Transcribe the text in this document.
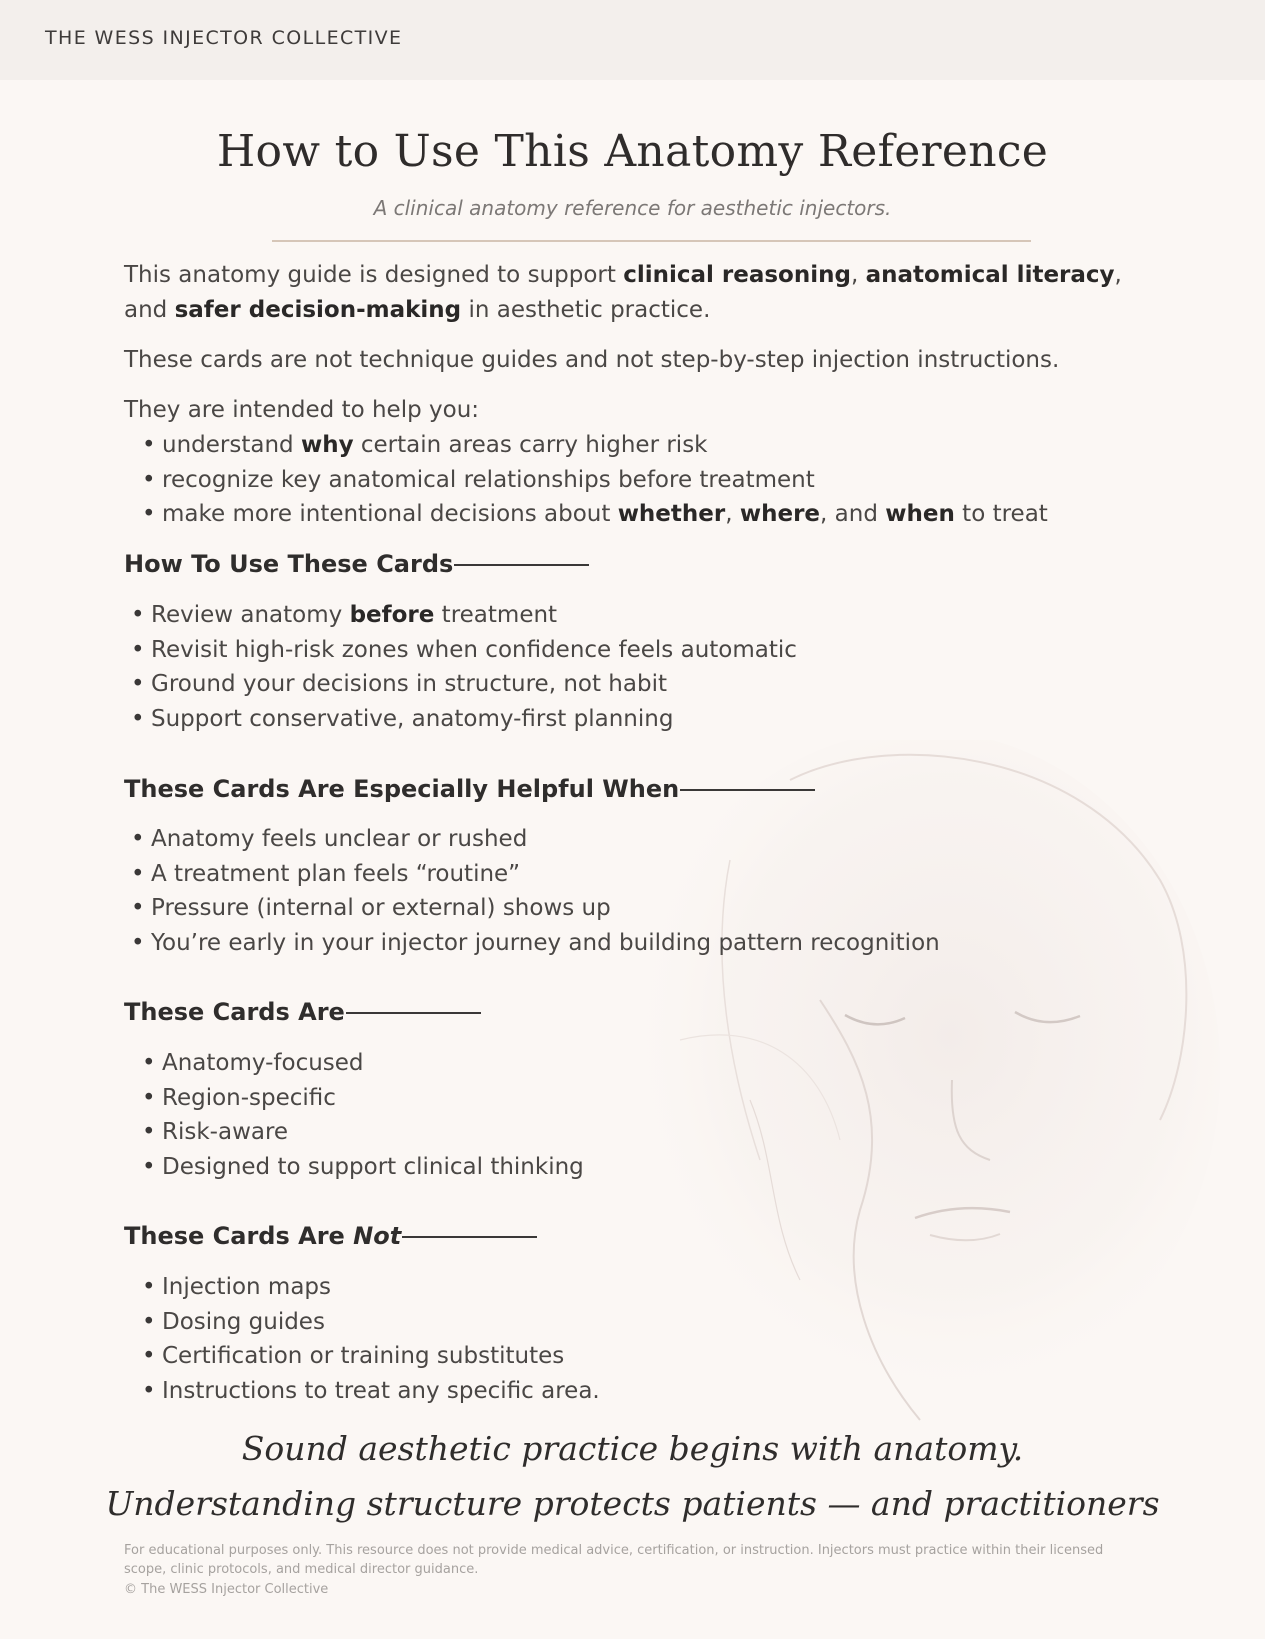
THE WESS INJECTOR COLLECTIVE
How to Use This Anatomy Reference
A clinical anatomy reference for aesthetic injectors.
This anatomy guide is designed to support clinical reasoning, anatomical literacy,
and safer decision-making in aesthetic practice.
These cards are not technique guides and not step-by-step injection instructions.
They are intended to help you:
• understand why certain areas carry higher risk
• recognize key anatomical relationships before treatment
• make more intentional decisions about whether, where, and when to treat
How To Use These Cards
• Review anatomy before treatment
• Revisit high-risk zones when confidence feels automatic
• Ground your decisions in structure, not habit
• Support conservative, anatomy-first planning
These Cards Are Especially Helpful When
• Anatomy feels unclear or rushed
• A treatment plan feels “routine”
• Pressure (internal or external) shows up
• You’re early in your injector journey and building pattern recognition
These Cards Are
• Anatomy-focused
• Region-specific
• Risk-aware
• Designed to support clinical thinking
These Cards Are Not
• Injection maps
• Dosing guides
• Certification or training substitutes
• Instructions to treat any specific area.
Sound aesthetic practice begins with anatomy.
Understanding structure protects patients — and practitioners
For educational purposes only. This resource does not provide medical advice, certification, or instruction. Injectors must practice within their licensed scope, clinic protocols, and medical director guidance.
© The WESS Injector Collective
